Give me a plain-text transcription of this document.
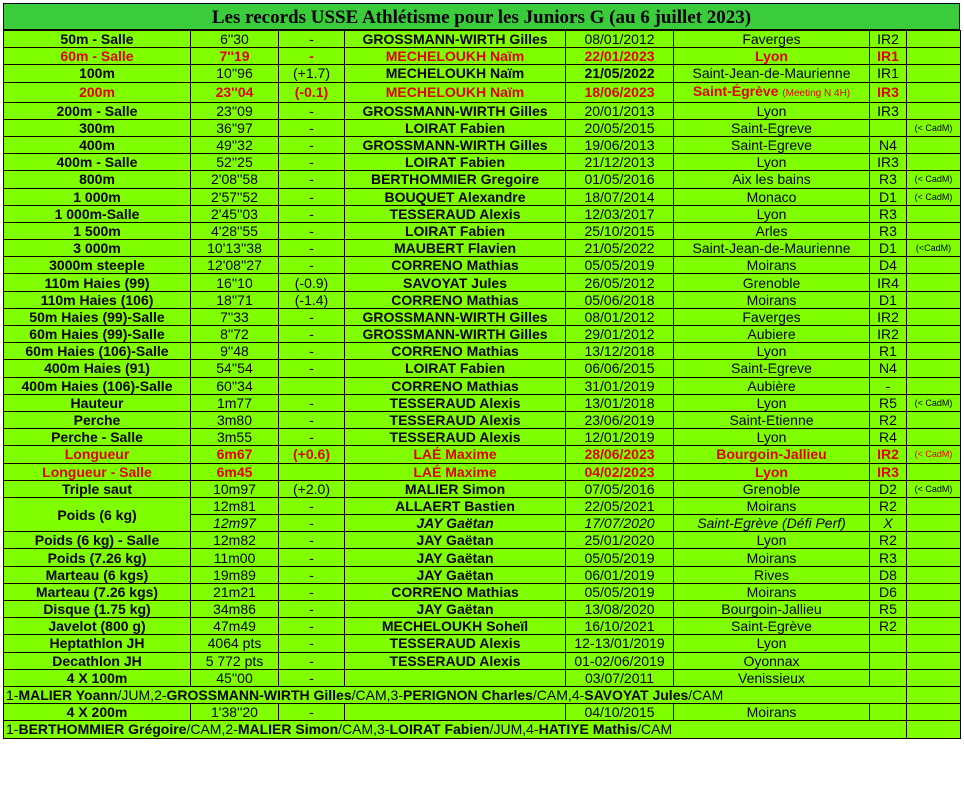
Les records USSE Athlétisme pour les Juniors G (au 6 juillet 2023)
50m - Salle	6''30	-	GROSSMANN-WIRTH Gilles	08/01/2012	Faverges	IR2	
60m - Salle	7''19	-	MECHELOUKH Naïm	22/01/2023	Lyon	IR1	
100m	10''96	(+1.7)	MECHELOUKH Naïm	21/05/2022	Saint-Jean-de-Maurienne	IR1	
200m	23''04	(-0.1)	MECHELOUKH Naïm	18/06/2023	Saint-Égrève (Meeting N 4H)	IR3	
200m - Salle	23''09	-	GROSSMANN-WIRTH Gilles	20/01/2013	Lyon	IR3	
300m	36''97	-	LOIRAT Fabien	20/05/2015	Saint-Egreve		(< CadM)
400m	49''32	-	GROSSMANN-WIRTH Gilles	19/06/2013	Saint-Egreve	N4	
400m - Salle	52''25	-	LOIRAT Fabien	21/12/2013	Lyon	IR3	
800m	2'08''58	-	BERTHOMMIER Gregoire	01/05/2016	Aix les bains	R3	(< CadM)
1 000m	2'57''52	-	BOUQUET Alexandre	18/07/2014	Monaco	D1	(< CadM)
1 000m-Salle	2'45''03	-	TESSERAUD Alexis	12/03/2017	Lyon	R3	
1 500m	4'28''55	-	LOIRAT Fabien	25/10/2015	Arles	R3	
3 000m	10'13''38	-	MAUBERT Flavien	21/05/2022	Saint-Jean-de-Maurienne	D1	(<CadM)
3000m steeple	12'08''27	-	CORRENO Mathias	05/05/2019	Moirans	D4	
110m Haies (99)	16''10	(-0.9)	SAVOYAT Jules	26/05/2012	Grenoble	IR4	
110m Haies (106)	18''71	(-1.4)	CORRENO Mathias	05/06/2018	Moirans	D1	
50m Haies (99)-Salle	7''33	-	GROSSMANN-WIRTH Gilles	08/01/2012	Faverges	IR2	
60m Haies (99)-Salle	8''72	-	GROSSMANN-WIRTH Gilles	29/01/2012	Aubiere	IR2	
60m Haies (106)-Salle	9''48	-	CORRENO Mathias	13/12/2018	Lyon	R1	
400m Haies (91)	54''54	-	LOIRAT Fabien	06/06/2015	Saint-Egreve	N4	
400m Haies (106)-Salle	60''34		CORRENO Mathias	31/01/2019	Aubière	-	
Hauteur	1m77	-	TESSERAUD Alexis	13/01/2018	Lyon	R5	(< CadM)
Perche	3m80	-	TESSERAUD Alexis	23/06/2019	Saint-Etienne	R2	
Perche - Salle	3m55	-	TESSERAUD Alexis	12/01/2019	Lyon	R4	
Longueur	6m67	(+0.6)	LAÉ Maxime	28/06/2023	Bourgoin-Jallieu	IR2	(< CadM)
Longueur - Salle	6m45		LAÉ Maxime	04/02/2023	Lyon	IR3	
Triple saut	10m97	(+2.0)	MALIER Simon	07/05/2016	Grenoble	D2	(< CadM)
Poids (6 kg)	12m81	-	ALLAERT Bastien	22/05/2021	Moirans	R2	
	12m97	-	JAY Gaëtan	17/07/2020	Saint-Egrève (Défi Perf)	X	
Poids (6 kg) - Salle	12m82	-	JAY Gaëtan	25/01/2020	Lyon	R2	
Poids (7.26 kg)	11m00	-	JAY Gaëtan	05/05/2019	Moirans	R3	
Marteau (6 kgs)	19m89	-	JAY Gaëtan	06/01/2019	Rives	D8	
Marteau (7.26 kgs)	21m21	-	CORRENO Mathias	05/05/2019	Moirans	D6	
Disque (1.75 kg)	34m86	-	JAY Gaëtan	13/08/2020	Bourgoin-Jallieu	R5	
Javelot (800 g)	47m49	-	MECHELOUKH Soheïl	16/10/2021	Saint-Egrève	R2	
Heptathlon JH	4064 pts	-	TESSERAUD Alexis	12-13/01/2019	Lyon		
Decathlon JH	5 772 pts	-	TESSERAUD Alexis	01-02/06/2019	Oyonnax		
4 X 100m	45''00	-		03/07/2011	Venissieux		
1-MALIER Yoann/JUM,2-GROSSMANN-WIRTH Gilles/CAM,3-PERIGNON Charles/CAM,4-SAVOYAT Jules/CAM							
4 X 200m	1'38''20	-		04/10/2015	Moirans		
1-BERTHOMMIER Grégoire/CAM,2-MALIER Simon/CAM,3-LOIRAT Fabien/JUM,4-HATIYE Mathis/CAM							
